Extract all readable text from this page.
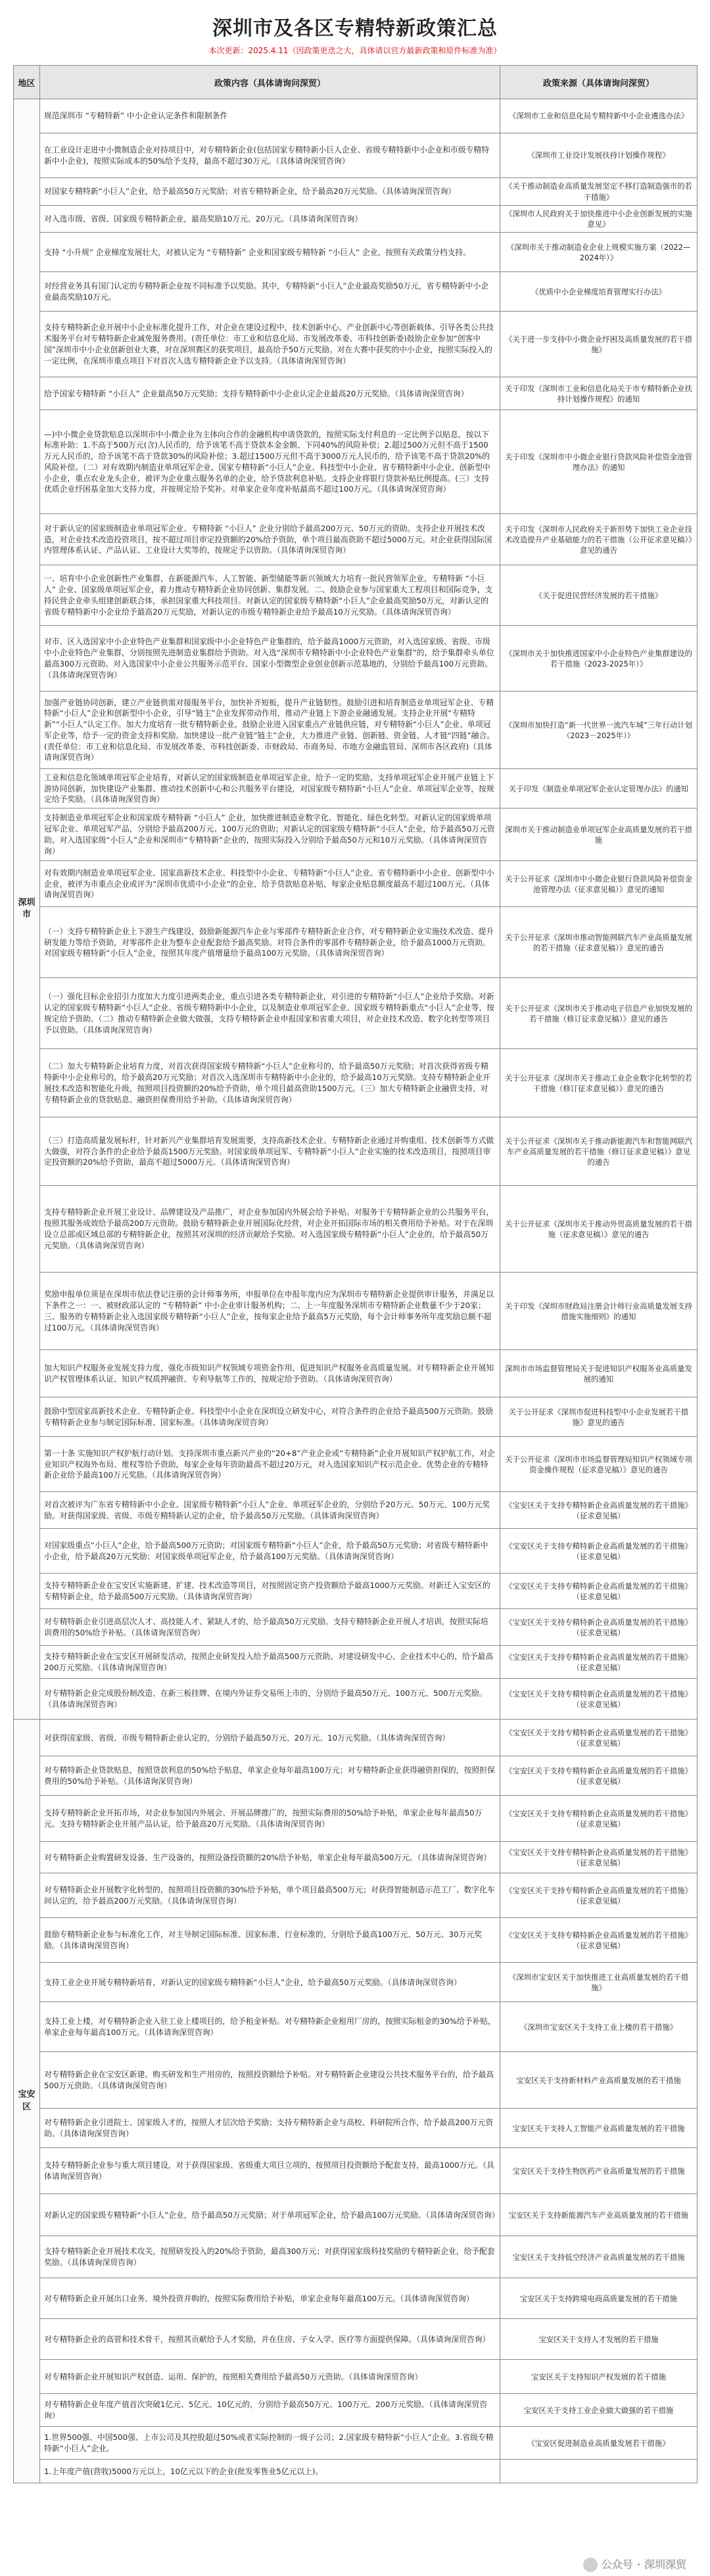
深圳市及各区专精特新政策汇总
本次更新：2025.4.11（因政策更迭之大，具体请以官方最新政策和原件标准为准）
地区	政策内容（具体请询问深贸）	政策来源（具体请询问深贸）
深圳市	规范深圳市 “专精特新” 中小企业认定条件和限制条件	《深圳市工业和信息化局专精特新中小企业遴选办法》
	在工业设计走进中小微制造企业对持项目中，对专精特新企业(包括国家专精特新小巨人企业、省级专精特新中小企业和市级专精特新中小企业)，按照实际成本的50%给予支持，最高不超过30万元。（具体请询深贸咨询）	《深圳市工业设计发展扶持计划操作规程》
	对国家专精特新“小巨人”企业，给予最高50万元奖励；对省专精特新企业，给予最高20万元奖励。（具体请询深贸咨询）	《关于推动制造业高质量发展坚定不移打造制造强市的若干措施》
	对入选市级、省级、国家级专精特新企业，最高奖励10万元、20万元。（具体请询深贸咨询）	《深圳市人民政府关于加快推进中小企业创新发展的实施意见》
	支持 “小升规” 企业梯度发展壮大，对被认定为 “专精特新” 企业和国家级专精特新 “小巨人” 企业，按照有关政策分档支持。	《深圳市关于推动制造业企业上规模实施方案（2022—2024年）》
	对经营业务具有国门认定的专精特新企业按不同标准予以奖励。其中，专精特新“小巨人”企业最高奖励50万元，省专精特新中小企业最高奖励10万元。	《优质中小企业梯度培育管理实行办法》
	支持专精特新企业开展中小企业标准化提升工作，对企业在建设过程中，技术创新中心、产业创新中心等创新载体、引导各类公共技术服务平台对专精特新企业减免服务费用。(责任单位：市工业和信息化局、市发展改革委、市科技创新委)鼓励企业参加“创客中国”深圳市中小企业创新创业大赛，对在深圳赛区的获奖项目，最高给予50万元奖励。对在大赛中获奖的中小企业，按照实际投入的一定比例，在深圳市重点项目下对首次入选专精特新企业予以支持。（具体请询深贸咨询）	《关于进一步支持中小微企业纾困及高质量发展的若干措施》
	给予国家专精特新 “小巨人” 企业最高50万元奖励；支持专精特新中小企业认定企业最高20万元奖励。（具体请询深贸咨询）	关于印发《深圳市工业和信息化局关于市专精特新企业扶持计划操作规程》的通知
	—)中小微企业贷款贴息以深圳市中小微企业为主体向合作的金融机构申请贷款的，按照实际支付利息的一定比例予以贴息，按以下标准补助：1.不高于500万元(含)人民币的，给予该笔不高于贷款本金金额、下同40%的风险补偿；2.超过500万元但不高于1500万元人民币的，给予该笔不高于贷款30%的风险补偿；3.超过1500万元但不高于3000万元人民币的，给予该笔不高于贷款20%的风险补偿。（二）对有效期内制造业单项冠军企业、国家专精特新“小巨人”企业、科技型中小企业、省专精特新中小企业、创新型中小企业，重点农业龙头企业、被评为企业重点服务名单的企业，给予贷款利息补贴。支持企业将银行贷款补贴比例提高。(三）支持优质企业纾困基金加大支持力度，并按规定给予奖补。对单家企业年度补贴最高不超过100万元。（具体请询深贸咨询）	关于印发《深圳市中小微企业银行贷款风险补偿资金池管理办法》的通知
	对于新认定的国家级制造业单项冠军企业、专精特新 “小巨人” 企业分别给予最高200万元、50万元的资助。支持企业开展技术改造，对企业技术改造投资项目，按不超过项目审定投资额的20%给予资助，单个项目最高资助不超过5000万元。对企业获得国际国内管理体系认证、产品认证、工业设计大奖等的，按规定予以资助。（具体请询深贸咨询）	关于印发《深圳市人民政府关于新形势下加快工业企业技术改造提升产业基础能力的若干措施（公开征求意见稿）》意见的通告
	一、培育中小企业创新性产业集群，在新能源汽车、人工智能、新型储能等新兴领域大力培育一批民营领军企业，专精特新 “小巨人” 企业、国家级单项冠军企业，着力推动专精特新企业协同创新、集群发展。二、鼓励企业参与国家重大工程项目和国际竞争，支持民营企业牵头组建创新联合体，承担国家重大科技项目。对新认定的国家级专精特新“小巨人”企业最高奖励50万元，对新认定的省级专精特新中小企业给予最高20万元奖励，对新认定的市级专精特新企业给予最高10万元奖励。（具体请询深贸咨询）	《关于促进民营经济发展的若干措施》
	对市、区入选国家中小企业特色产业集群和国家级中小企业特色产业集群的，给予最高1000万元资助，对入选国家级、省级、市级中小企业特色产业集群，分别按照先进制造业集群给予资助。对入选“深圳市专精特新中小企业特色产业集群”的，给予集群牵头单位最高300万元资助。对入选国家中小企业公共服务示范平台、国家小型微型企业创业创新示范基地的，分别给予最高100万元资助。（具体请询深贸咨询）	《深圳市关于加快推进国家中小企业特色产业集群建设的若干措施（2023-2025年）》
	加强产业链协同创新，建立产业链供需对接服务平台，加快补齐短板，提升产业链韧性。鼓励引进和培育制造业单项冠军企业、专精特新“小巨人”企业和创新型中小企业，引导“链主”企业发挥带动作用，推动产业链上下游企业融通发展。支持企业开展“专精特新”“小巨人”认定工作。加大力度培育一批专精特新企业，鼓励企业进入国家重点产业链供应链，对专精特新“小巨人”企业、单项冠军企业等，给予一定的资金支持和奖励。加快建设一批产业链“链主”企业，大力推进产业链、创新链、资金链、人才链“四链”融合。(责任单位：市工业和信息化局、市发展改革委、市科技创新委、市财政局、市商务局、市地方金融监管局、深圳市各区政府)（具体请询深贸咨询）	《深圳市加快打造“新一代世界一流汽车城”三年行动计划（2023－2025年）》
	工业和信息化领域单项冠军企业培育，对新认定的国家级制造业单项冠军企业，给予一定的奖励。支持单项冠军企业开展产业链上下游协同创新，加快建设产业集群、推动技术创新中心和公共服务平台建设，对国家级专精特新“小巨人”企业、单项冠军企业等，按规定给予奖励。（具体请询深贸咨询）	关于印发《制造业单项冠军企业认定管理办法》的通知
	支持制造业单项冠军企业和国家级专精特新 “小巨人” 企业，加快推进制造业数字化、智能化、绿色化转型。对新认定的国家级单项冠军企业、单项冠军产品，分别给予最高200万元、100万元的资助；对新认定的国家级专精特新“小巨人”企业，给予最高50万元资助。对入选国家级“小巨人”企业和深圳市“专精特新”企业的，按照实际投入分别给予最高50万元和10万元奖励。（具体请询深贸咨询）	深圳市关于推动制造业单项冠军企业高质量发展的若干措施
	对有效期内制造业单项冠军企业、国家高新技术企业、科技型中小企业、专精特新“小巨人”企业、省专精特新中小企业、创新型中小企业，被评为市重点企业或评为“深圳市优质中小企业”的企业，给予贷款贴息补贴，每家企业贴息额度最高不超过100万元。（具体请询深贸咨询）	关于公开征求《深圳市中小微企业银行贷款风险补偿资金池管理办法（征求意见稿）》意见的通知
	（一）支持专精特新企业上下游生产线建设，鼓励新能源汽车企业与零部件专精特新企业合作，对专精特新企业实施技术改造、提升研发能力等给予资助，对零部件企业为整车企业配套给予最高奖励。对符合条件的零部件专精特新企业，给予最高1000万元资助。对国家级专精特新“小巨人”企业，按照其年度产值增量给予最高100万元奖励。（具体请询深贸咨询）	关于公开征求《深圳市推动智能网联汽车产业高质量发展的若干措施（征求意见稿）》意见的通告
	（一）强化目标企业招引力度加大力度引进两类企业，重点引进各类专精特新企业，对引进的专精特新“小巨人”企业给予奖励。对新认定的国家级专精特新“小巨人”企业、省级专精特新中小企业，以及制造业单项冠军企业、国家级专精特新重点“小巨人”企业等，按规定给予资助。（二）推动专精特新企业做大做强，支持专精特新企业申报国家和省重大项目，对企业技术改造、数字化转型等项目予以资助。（具体请询深贸咨询）	关于公开征求《深圳市关于推动电子信息产业加快发展的若干措施（修订征求意见稿）》意见的通告
	（二）加大专精特新企业培育力度，对首次获得国家级专精特新“小巨人”企业称号的，给予最高50万元奖励；对首次获得省级专精特新中小企业称号的，给予最高20万元奖励；对首次入选深圳市专精特新中小企业的，给予最高10万元奖励。支持专精特新企业开展技术改造和智能化升级，按照项目投资额的20%给予资助，单个项目最高资助1500万元。（三）加大专精特新企业融资支持，对专精特新企业的贷款贴息、融资担保费用给予补助。（具体请询深贸咨询）	关于公开征求《深圳市关于推动工业企业数字化转型的若干措施（修订征求意见稿）》意见的通告
	（三）打造高质量发展标杆，针对新兴产业集群培育发展需要，支持高新技术企业、专精特新企业通过并购重组、技术创新等方式做大做强，对符合条件的企业给予最高1500万元奖励。对国家级单项冠军、专精特新“小巨人”企业实施的技术改造项目，按照项目审定投资额的20%给予资助，最高不超过5000万元。（具体请询深贸咨询）	关于公开征求《深圳市关于推动新能源汽车和智能网联汽车产业高质量发展的若干措施（修订征求意见稿）》意见的通告
	支持专精特新企业开展工业设计、品牌建设及产品推广，对企业参加国内外展会给予补贴。对服务于专精特新企业的公共服务平台，按照其服务成效给予最高200万元资助。鼓励专精特新企业开展国际化经营，对企业开拓国际市场的相关费用给予补贴。对于在深圳设立总部或区域总部的专精特新企业，按照其对深圳的经济贡献给予奖励。对入选国家级专精特新“小巨人”企业的，给予最高50万元奖励。（具体请询深贸咨询）	关于公开征求《深圳市关于推动外贸高质量发展的若干措施（征求意见稿）》意见的通告
	奖励申报单位须是在深圳市依法登记注册的会计师事务所，申报单位在申报年度内应为深圳市专精特新企业提供审计服务，并满足以下条件之一：一、被财政部认定的 “专精特新” 中小企业审计服务机构；二、上一年度服务深圳市专精特新企业数量不少于20家；三、服务的专精特新企业入选国家级专精特新“小巨人”企业，按每家企业给予最高5万元奖励，每个会计师事务所年度奖励总额不超过100万元。（具体请询深贸咨询）	关于印发《深圳市财政局注册会计师行业高质量发展支持措施实施细则》的通知
	加大知识产权服务业发展支持力度，强化市级知识产权领域专项资金作用，促进知识产权服务业高质量发展。对专精特新企业开展知识产权管理体系认证、知识产权质押融资、专利导航等工作的，按规定给予资助。（具体请询深贸咨询）	深圳市市场监督管理局关于促进知识产权服务业高质量发展的通知
	鼓励中型国家高新技术企业、专精特新企业、科技型中小企业在深圳设立研发中心，对符合条件的企业给予最高500万元资助。鼓励专精特新企业参与制定国际标准、国家标准。（具体请询深贸咨询）	关于公开征求《深圳市促进科技型中小企业发展若干措施》意见的通告
	第一十条 实施知识产权护航行动计划。支持深圳市重点新兴产业的“20+8”产业企业或“专精特新”企业开展知识产权护航工作，对企业知识产权海外布局、维权等给予资助，每家企业每年资助最高不超过20万元，对入选国家知识产权示范企业、优势企业的专精特新企业给予最高100万元奖励。（具体请询深贸咨询）	关于公开征求《深圳市市场监督管理局知识产权领域专项资金操作规程（征求意见稿）》意见的通告
	对首次被评为广东省专精特新中小企业、国家级专精特新“小巨人”企业、单项冠军企业的，分别给予20万元、50万元、100万元奖励。对获得国家级、省级、市级专精特新认定的企业，给予最高50万元奖励。（具体请询深贸咨询）	《宝安区关于支持专精特新企业高质量发展的若干措施》（征求意见稿）
	对国家级重点“小巨人”企业，给予最高500万元资助；对国家级专精特新“小巨人”企业，给予最高50万元奖励；对省级专精特新中小企业，给予最高20万元奖励；对国家级单项冠军企业，给予最高100万元奖励。（具体请询深贸咨询）	《宝安区关于支持专精特新企业高质量发展的若干措施》（征求意见稿）
	支持专精特新企业在宝安区实施新建、扩建、技术改造等项目，对按照固定资产投资额给予最高1000万元奖励。对新迁入宝安区的专精特新企业，给予最高500万元奖励。（具体请询深贸咨询）	《宝安区关于支持专精特新企业高质量发展的若干措施》（征求意见稿）
	对专精特新企业引进高层次人才、高技能人才、紧缺人才的，给予最高50万元奖励。支持专精特新企业开展人才培训，按照实际培训费用的50%给予补贴。（具体请询深贸咨询）	《宝安区关于支持专精特新企业高质量发展的若干措施》（征求意见稿）
	支持专精特新企业在宝安区开展研发活动，按照企业研发投入给予最高500万元资助。对建设研发中心、企业技术中心的，给予最高200万元奖励。（具体请询深贸咨询）	《宝安区关于支持专精特新企业高质量发展的若干措施》（征求意见稿）
	对专精特新企业完成股份制改造、在新三板挂牌、在境内外证券交易所上市的，分别给予最高50万元、100万元、500万元奖励。（具体请询深贸咨询）	《宝安区关于支持专精特新企业高质量发展的若干措施》（征求意见稿）
宝安区	对获得国家级、省级、市级专精特新企业认定的，分别给予最高50万元、20万元、10万元奖励。（具体请询深贸咨询）	《宝安区关于支持专精特新企业高质量发展的若干措施》（征求意见稿）
	对专精特新企业贷款贴息，按照贷款利息的50%给予贴息，单家企业每年最高100万元；对专精特新企业获得融资担保的，按照担保费用的50%给予补贴。（具体请询深贸咨询）	《宝安区关于支持专精特新企业高质量发展的若干措施》（征求意见稿）
	支持专精特新企业开拓市场，对企业参加国内外展会、开展品牌推广的，按照实际费用的50%给予补贴，单家企业每年最高50万元。支持专精特新企业开展产品认证，给予最高20万元奖励。（具体请询深贸咨询）	《宝安区关于支持专精特新企业高质量发展的若干措施》（征求意见稿）
	对专精特新企业购置研发设备、生产设备的，按照设备投资额的20%给予补贴，单家企业每年最高500万元。（具体请询深贸咨询）	《宝安区关于支持专精特新企业高质量发展的若干措施》（征求意见稿）
	对专精特新企业开展数字化转型的，按照项目投资额的30%给予补贴，单个项目最高500万元；对获得智能制造示范工厂、数字化车间认定的，给予最高200万元奖励。（具体请询深贸咨询）	《宝安区关于支持专精特新企业高质量发展的若干措施》（征求意见稿）
	鼓励专精特新企业参与标准化工作，对主导制定国际标准、国家标准、行业标准的，分别给予最高100万元、50万元、30万元奖励。（具体请询深贸咨询）	《宝安区关于支持专精特新企业高质量发展的若干措施》（征求意见稿）
	支持工业企业开展专精特新培育，对新认定的国家级专精特新“小巨人”企业，给予最高50万元奖励。（具体请询深贸咨询）	《深圳市宝安区关于加快推进工业高质量发展的若干措施》
	支持工业上楼，对专精特新企业入驻工业上楼项目的，给予租金补贴。对专精特新企业租用厂房的，按照实际租金的30%给予补贴，单家企业每年最高100万元。（具体请询深贸咨询）	《深圳市宝安区关于支持工业上楼的若干措施》
	对专精特新企业在宝安区新建、购买研发和生产用房的，按照投资额给予补贴。对专精特新企业建设公共技术服务平台的，给予最高500万元资助。（具体请询深贸咨询）	宝安区关于支持新材料产业高质量发展的若干措施
	对专精特新企业引进院士、国家级人才的，按照人才层次给予奖励；支持专精特新企业与高校、科研院所合作，给予最高200万元资助。（具体请询深贸咨询）	宝安区关于支持人工智能产业高质量发展的若干措施
	支持专精特新企业参与重大项目建设，对于获得国家级、省级重大项目立项的，按照项目投资额给予配套支持，最高1000万元。（具体请询深贸咨询）	宝安区关于支持生物医药产业高质量发展的若干措施
	对新认定的国家级专精特新“小巨人”企业，给予最高50万元奖励；对于单项冠军企业，给予最高100万元奖励。（具体请询深贸咨询）	宝安区关于支持新能源汽车产业高质量发展的若干措施
	支持专精特新企业开展技术攻关，按照研发投入的20%给予资助，最高300万元；对获得国家级科技奖励的专精特新企业，给予配套奖励。（具体请询深贸咨询）	宝安区关于支持低空经济产业高质量发展的若干措施
	对专精特新企业开展出口业务、境外投资并购的，按照实际费用给予补贴，单家企业每年最高100万元。（具体请询深贸咨询）	宝安区关于支持跨境电商高质量发展的若干措施
	对专精特新企业的高管和技术骨干，按照其贡献给予人才奖励，并在住房、子女入学、医疗等方面提供保障。（具体请询深贸咨询）	宝安区关于支持人才发展的若干措施
	对专精特新企业开展知识产权创造、运用、保护的，按照相关费用给予最高50万元资助。（具体请询深贸咨询）	宝安区关于支持知识产权发展的若干措施
	对专精特新企业年度产值首次突破1亿元、5亿元、10亿元的，分别给予最高50万元、100万元、200万元奖励。（具体请询深贸咨询）	宝安区关于支持工业企业做大做强的若干措施
	1.世界500强、中国500强、上市公司及其控股超过50%或者实际控制的一级子公司；2.国家级专精特新“小巨人”企业。3.省级专精特新“小巨人”企业。	《宝安区促进制造业高质量发展若干措施》
	1.上年度产值(营收)5000万元以上，10亿元以下的企业(批发零售业5亿元以上)。	
公众号 · 深圳深贸
